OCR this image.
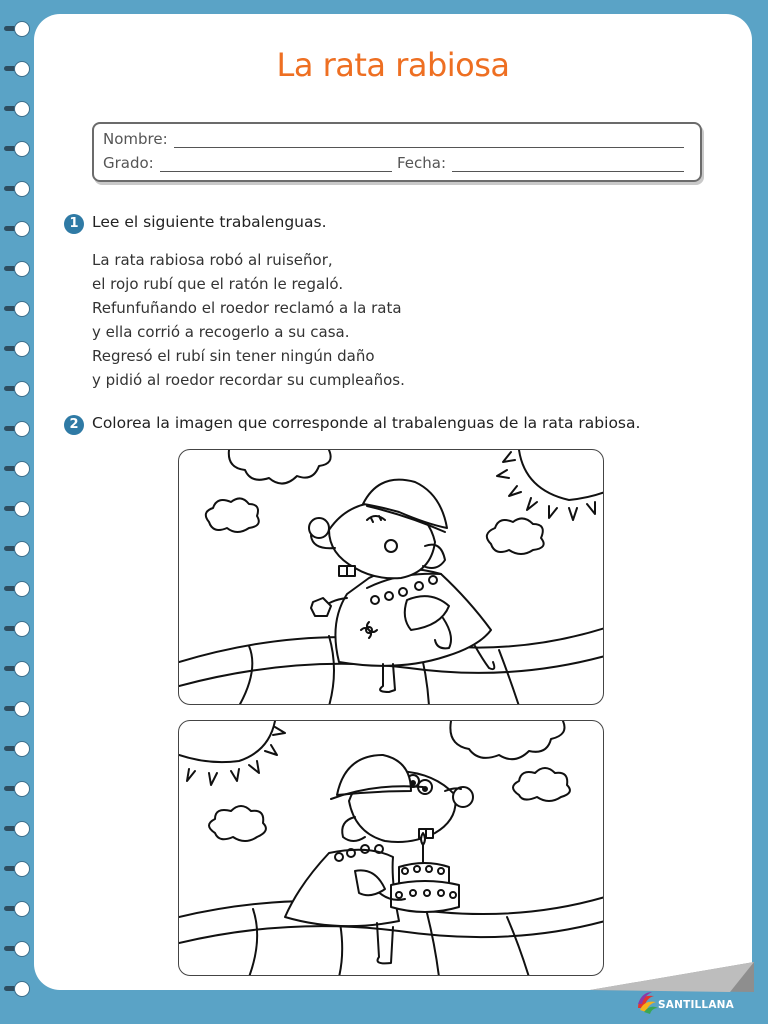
La rata rabiosa
Nombre:
Grado:	Fecha:
1 Lee el siguiente trabalenguas.
La rata rabiosa robó al ruiseñor,
el rojo rubí que el ratón le regaló.
Refunfuñando el roedor reclamó a la rata
y ella corrió a recogerlo a su casa.
Regresó el rubí sin tener ningún daño
y pidió al roedor recordar su cumpleaños.
2 Colorea la imagen que corresponde al trabalenguas de la rata rabiosa.
SANTILLANA
